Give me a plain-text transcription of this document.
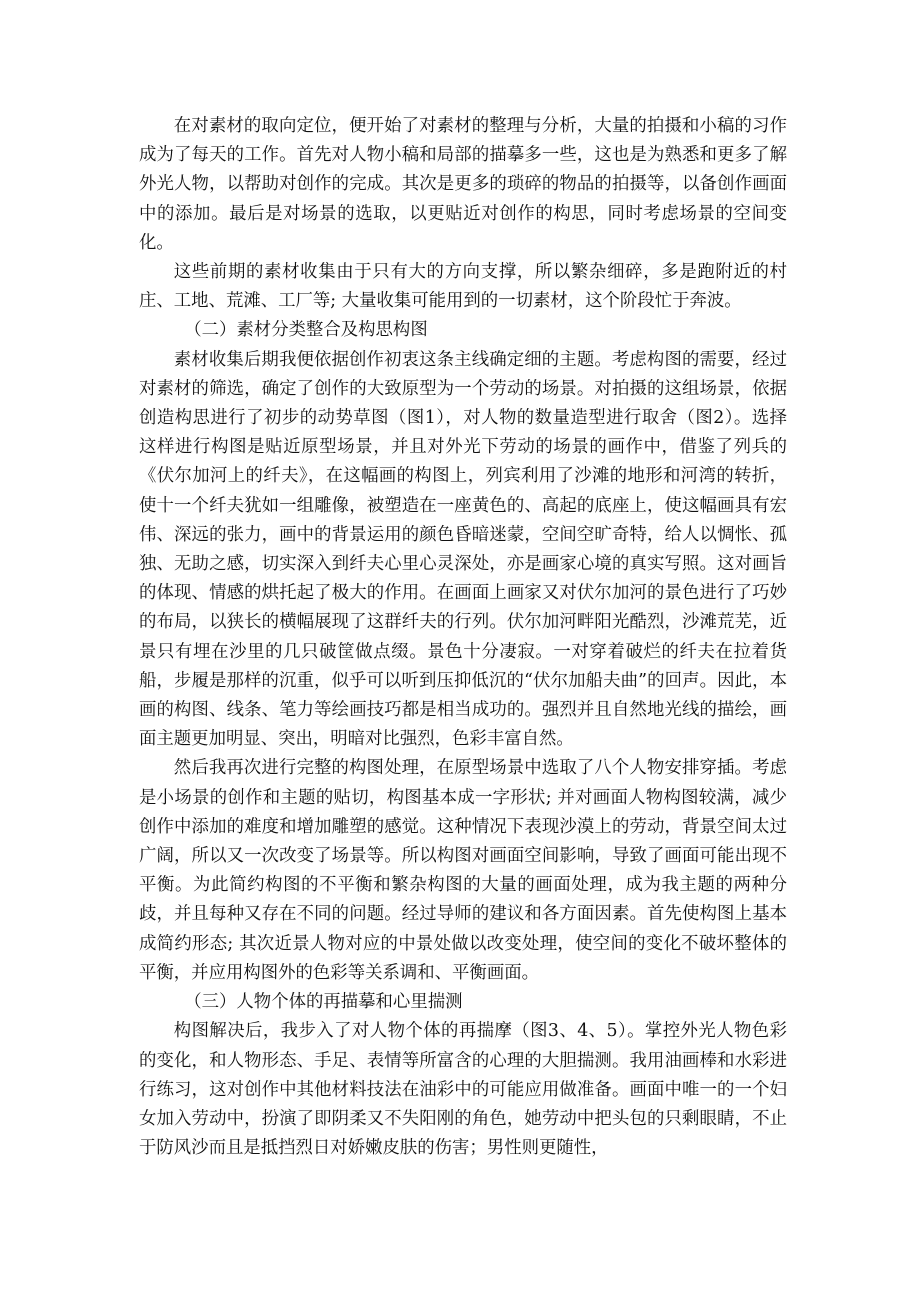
在对素材的取向定位，便开始了对素材的整理与分析，大量的拍摄和小稿的习作成为了每天的工作。首先对人物小稿和局部的描摹多一些，这也是为熟悉和更多了解外光人物，以帮助对创作的完成。其次是更多的琐碎的物品的拍摄等，以备创作画面中的添加。最后是对场景的选取，以更贴近对创作的构思，同时考虑场景的空间变化。

这些前期的素材收集由于只有大的方向支撑，所以繁杂细碎，多是跑附近的村庄、工地、荒滩、工厂等; 大量收集可能用到的一切素材，这个阶段忙于奔波。

（二）素材分类整合及构思构图

素材收集后期我便依据创作初衷这条主线确定细的主题。考虑构图的需要，经过对素材的筛选，确定了创作的大致原型为一个劳动的场景。对拍摄的这组场景，依据创造构思进行了初步的动势草图（图1），对人物的数量造型进行取舍（图2）。选择这样进行构图是贴近原型场景，并且对外光下劳动的场景的画作中，借鉴了列兵的《伏尔加河上的纤夫》，在这幅画的构图上，列宾利用了沙滩的地形和河湾的转折，使十一个纤夫犹如一组雕像，被塑造在一座黄色的、高起的底座上，使这幅画具有宏伟、深远的张力，画中的背景运用的颜色昏暗迷蒙，空间空旷奇特，给人以惆怅、孤独、无助之感，切实深入到纤夫心里心灵深处，亦是画家心境的真实写照。这对画旨的体现、情感的烘托起了极大的作用。在画面上画家又对伏尔加河的景色进行了巧妙的布局，以狭长的横幅展现了这群纤夫的行列。伏尔加河畔阳光酷烈，沙滩荒芜，近景只有埋在沙里的几只破筐做点缀。景色十分凄寂。一对穿着破烂的纤夫在拉着货船，步履是那样的沉重，似乎可以听到压抑低沉的“伏尔加船夫曲”的回声。因此，本画的构图、线条、笔力等绘画技巧都是相当成功的。强烈并且自然地光线的描绘，画面主题更加明显、突出，明暗对比强烈，色彩丰富自然。

然后我再次进行完整的构图处理，在原型场景中选取了八个人物安排穿插。考虑是小场景的创作和主题的贴切，构图基本成一字形状; 并对画面人物构图较满，减少创作中添加的难度和增加雕塑的感觉。这种情况下表现沙漠上的劳动，背景空间太过广阔，所以又一次改变了场景等。所以构图对画面空间影响，导致了画面可能出现不平衡。为此简约构图的不平衡和繁杂构图的大量的画面处理，成为我主题的两种分歧，并且每种又存在不同的问题。经过导师的建议和各方面因素。首先使构图上基本成简约形态; 其次近景人物对应的中景处做以改变处理，使空间的变化不破坏整体的平衡，并应用构图外的色彩等关系调和、平衡画面。

（三）人物个体的再描摹和心里揣测

构图解决后，我步入了对人物个体的再揣摩（图3、4、5）。掌控外光人物色彩的变化，和人物形态、手足、表情等所富含的心理的大胆揣测。我用油画棒和水彩进行练习，这对创作中其他材料技法在油彩中的可能应用做准备。画面中唯一的一个妇女加入劳动中，扮演了即阴柔又不失阳刚的角色，她劳动中把头包的只剩眼睛，不止于防风沙而且是抵挡烈日对娇嫩皮肤的伤害；男性则更随性，
